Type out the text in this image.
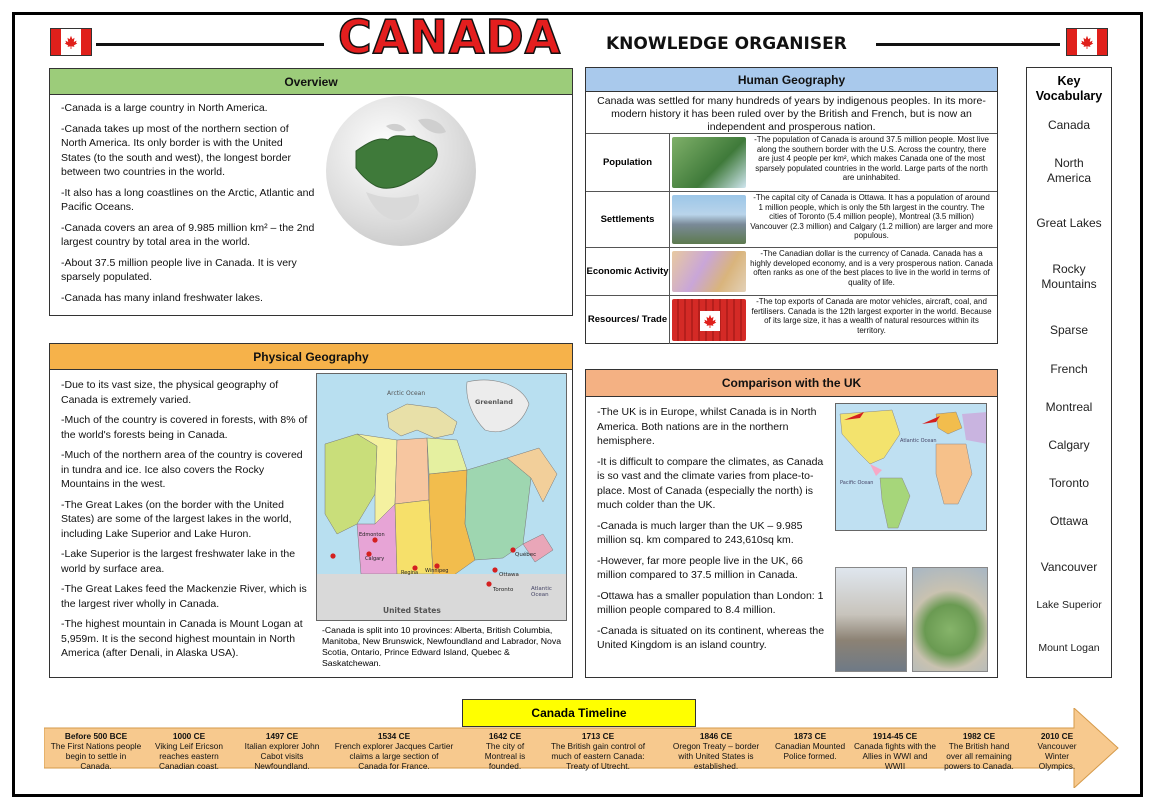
CANADA	KNOWLEDGE ORGANISER
Overview

-Canada is a large country in North America.

-Canada takes up most of the northern section of North America. Its only border is with the United States (to the south and west), the longest border between two countries in the world.

-It also has a long coastlines on the Arctic, Atlantic and Pacific Oceans.

-Canada covers an area of 9.985 million km² – the 2nd largest country by total area in the world.

-About 37.5 million people live in Canada. It is very sparsely populated.

-Canada has many inland freshwater lakes.

Human Geography
Canada was settled for many hundreds of years by indigenous peoples. In its more-modern history it has been ruled over by the British and French, but is now an independent and prosperous nation.
Population
-The population of Canada is around 37.5 million people. Most live along the southern border with the U.S. Across the country, there are just 4 people per km², which makes Canada one of the most sparsely populated countries in the world. Large parts of the north are uninhabited.
Settlements
-The capital city of Canada is Ottawa. It has a population of around 1 million people, which is only the 5th largest in the country. The cities of Toronto (5.4 million people), Montreal (3.5 million) Vancouver (2.3 million) and Calgary (1.2 million) are larger and more populous.
Economic Activity
-The Canadian dollar is the currency of Canada. Canada has a highly developed economy, and is a very prosperous nation. Canada often ranks as one of the best places to live in the world in terms of quality of life.
Resources/ Trade
-The top exports of Canada are motor vehicles, aircraft, coal, and fertilisers. Canada is the 12th largest exporter in the world. Because of its large size, it has a wealth of natural resources within its territory.
Key Vocabulary
Canada
North America
Great Lakes
Rocky Mountains
Sparse
French
Montreal
Calgary
Toronto
Ottawa
Vancouver
Lake Superior
Mount Logan
Physical Geography

-Due to its vast size, the physical geography of Canada is extremely varied.

-Much of the country is covered in forests, with 8% of the world's forests being in Canada.

-Much of the northern area of the country is covered in tundra and ice. Ice also covers the Rocky Mountains in the west.

-The Great Lakes (on the border with the United States) are some of the largest lakes in the world, including Lake Superior and Lake Huron.

-Lake Superior is the largest freshwater lake in the world by surface area.

-The Great Lakes feed the Mackenzie River, which is the largest river wholly in Canada.

-The highest mountain in Canada is Mount Logan at 5,959m. It is the second highest mountain in North America (after Denali, in Alaska USA).

Arctic Ocean
Greenland
United States
Atlantic Ocean
Edmonton
Calgary
Regina Winnipeg
Ottawa
Toronto
Québec
-Canada is split into 10 provinces: Alberta, British Columbia, Manitoba, New Brunswick, Newfoundland and Labrador, Nova Scotia, Ontario, Prince Edward Island, Quebec & Saskatchewan.
Comparison with the UK

-The UK is in Europe, whilst Canada is in North America. Both nations are in the northern hemisphere.

-It is difficult to compare the climates, as Canada is so vast and the climate varies from place-to-place. Most of Canada (especially the north) is much colder than the UK.

-Canada is much larger than the UK – 9.985 million sq. km compared to 243,610sq km.

-However, far more people live in the UK, 66 million compared to 37.5 million in Canada.

-Ottawa has a smaller population than London: 1 million people compared to 8.4 million.

-Canada is situated on its continent, whereas the United Kingdom is an island country.

Atlantic Ocean
Pacific Ocean
Canada Timeline
Before 500 BCE
The First Nations people begin to settle in Canada.
1000 CE
Viking Leif Ericson reaches eastern Canadian coast.
1497 CE
Italian explorer John Cabot visits Newfoundland.
1534 CE
French explorer Jacques Cartier claims a large section of Canada for France.
1642 CE
The city of Montreal is founded.
1713 CE
The British gain control of much of eastern Canada: Treaty of Utrecht.
1846 CE
Oregon Treaty – border with United States is established.
1873 CE
Canadian Mounted Police formed.
1914-45 CE
Canada fights with the Allies in WWI and WWII
1982 CE
The British hand over all remaining powers to Canada.
2010 CE
Vancouver Winter Olympics.
